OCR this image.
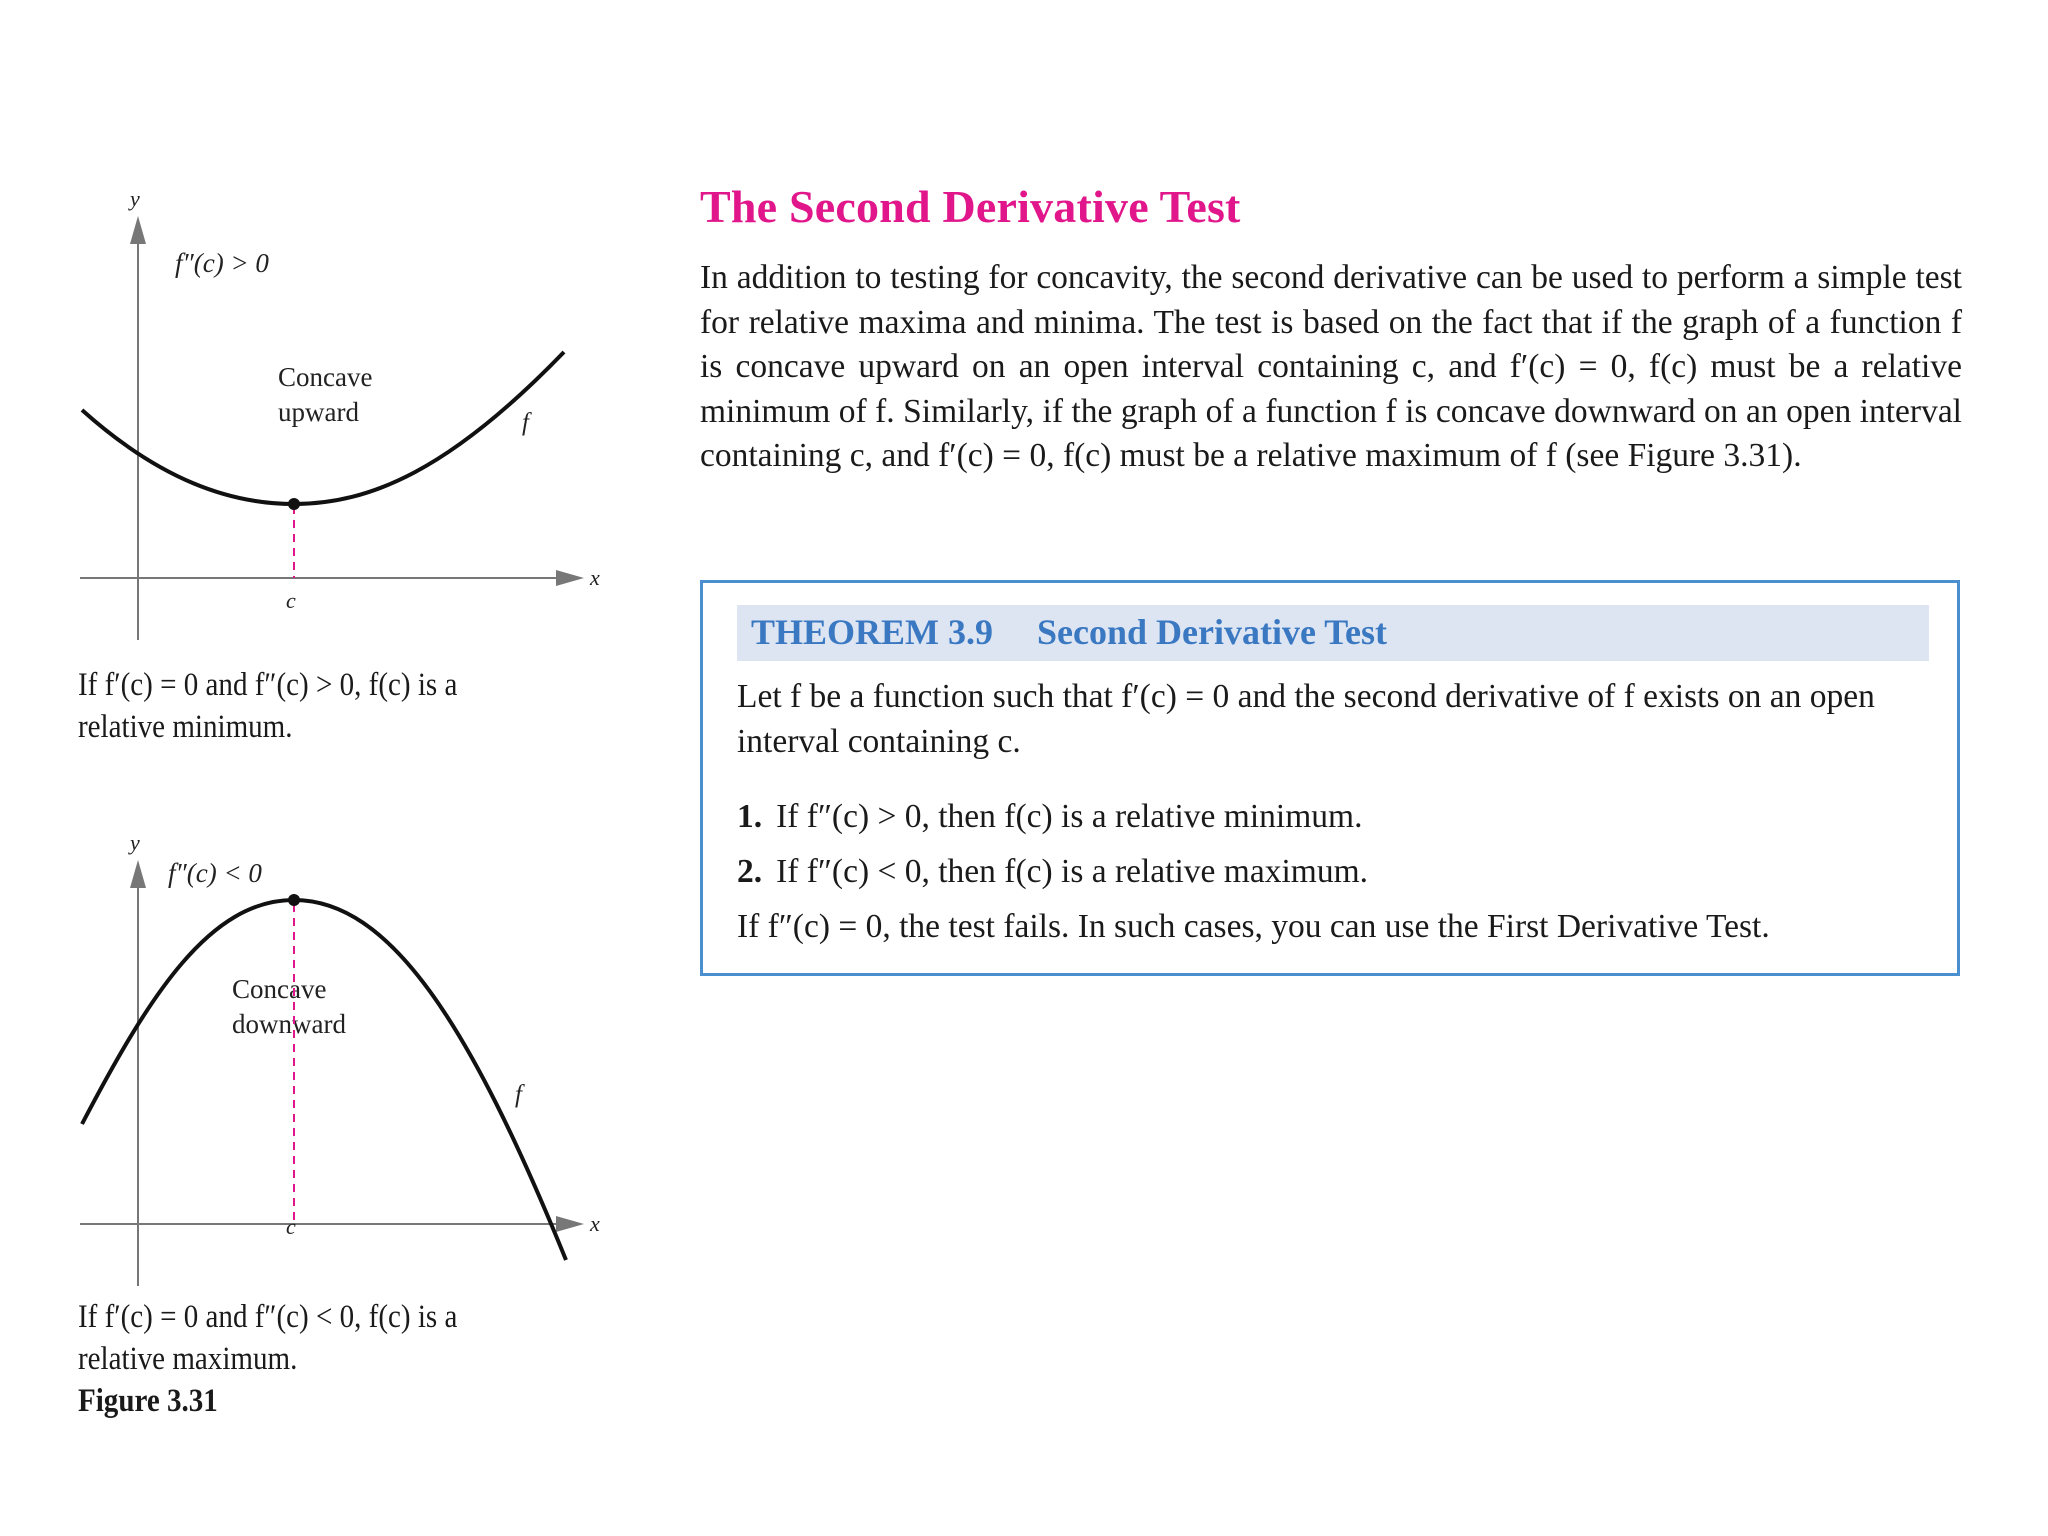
y
x
f″(c) > 0
Concave
upward	f
c
If f′(c) = 0 and f″(c) > 0, f(c) is a relative minimum.
y
x
f″(c) < 0
Concave
downward
f
c
If f′(c) = 0 and f″(c) < 0, f(c) is a relative maximum.
Figure 3.31
The Second Derivative Test
In addition to testing for concavity, the second derivative can be used to perform a simple test for relative maxima and minima. The test is based on the fact that if the graph of a function f is concave upward on an open interval containing c, and f′(c) = 0, f(c) must be a relative minimum of f. Similarly, if the graph of a function f is concave downward on an open interval containing c, and f′(c) = 0, f(c) must be a relative maximum of f (see Figure 3.31).
THEOREM 3.9 Second Derivative Test
Let f be a function such that f′(c) = 0 and the second derivative of f exists on an open interval containing c.
1. If f″(c) > 0, then f(c) is a relative minimum.
2. If f″(c) < 0, then f(c) is a relative maximum.
If f″(c) = 0, the test fails. In such cases, you can use the First Derivative Test.
